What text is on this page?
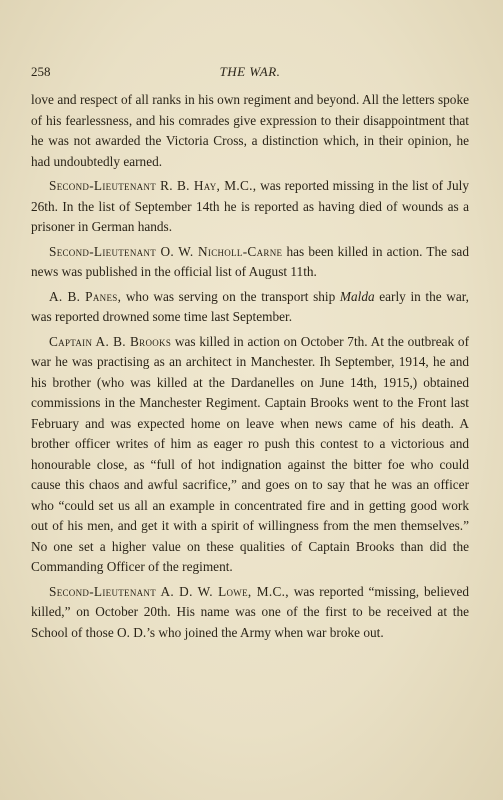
258	THE WAR.

love and respect of all ranks in his own regiment and beyond. All the letters spoke of his fearlessness, and his comrades give expression to their disappointment that he was not awarded the Victoria Cross, a distinction which, in their opinion, he had undoubtedly earned.

Second-Lieutenant R. B. Hay, M.C., was reported missing in the list of July 26th. In the list of September 14th he is reported as having died of wounds as a prisoner in German hands.

Second-Lieutenant O. W. Nicholl-Carne has been killed in action. The sad news was published in the official list of August 11th.

A. B. Panes, who was serving on the transport ship Malda early in the war, was reported drowned some time last September.

Captain A. B. Brooks was killed in action on October 7th. At the outbreak of war he was practising as an architect in Manchester. Ih September, 1914, he and his brother (who was killed at the Dardanelles on June 14th, 1915,) obtained commissions in the Manchester Regiment. Captain Brooks went to the Front last February and was expected home on leave when news came of his death. A brother officer writes of him as eager ro push this contest to a victorious and honourable close, as “full of hot indignation against the bitter foe who could cause this chaos and awful sacrifice,” and goes on to say that he was an officer who “could set us all an example in concentrated fire and in getting good work out of his men, and get it with a spirit of willingness from the men themselves.” No one set a higher value on these qualities of Captain Brooks than did the Commanding Officer of the regiment.

Second-Lieutenant A. D. W. Lowe, M.C., was reported “missing, believed killed,” on October 20th. His name was one of the first to be received at the School of those O. D.’s who joined the Army when war broke out.
